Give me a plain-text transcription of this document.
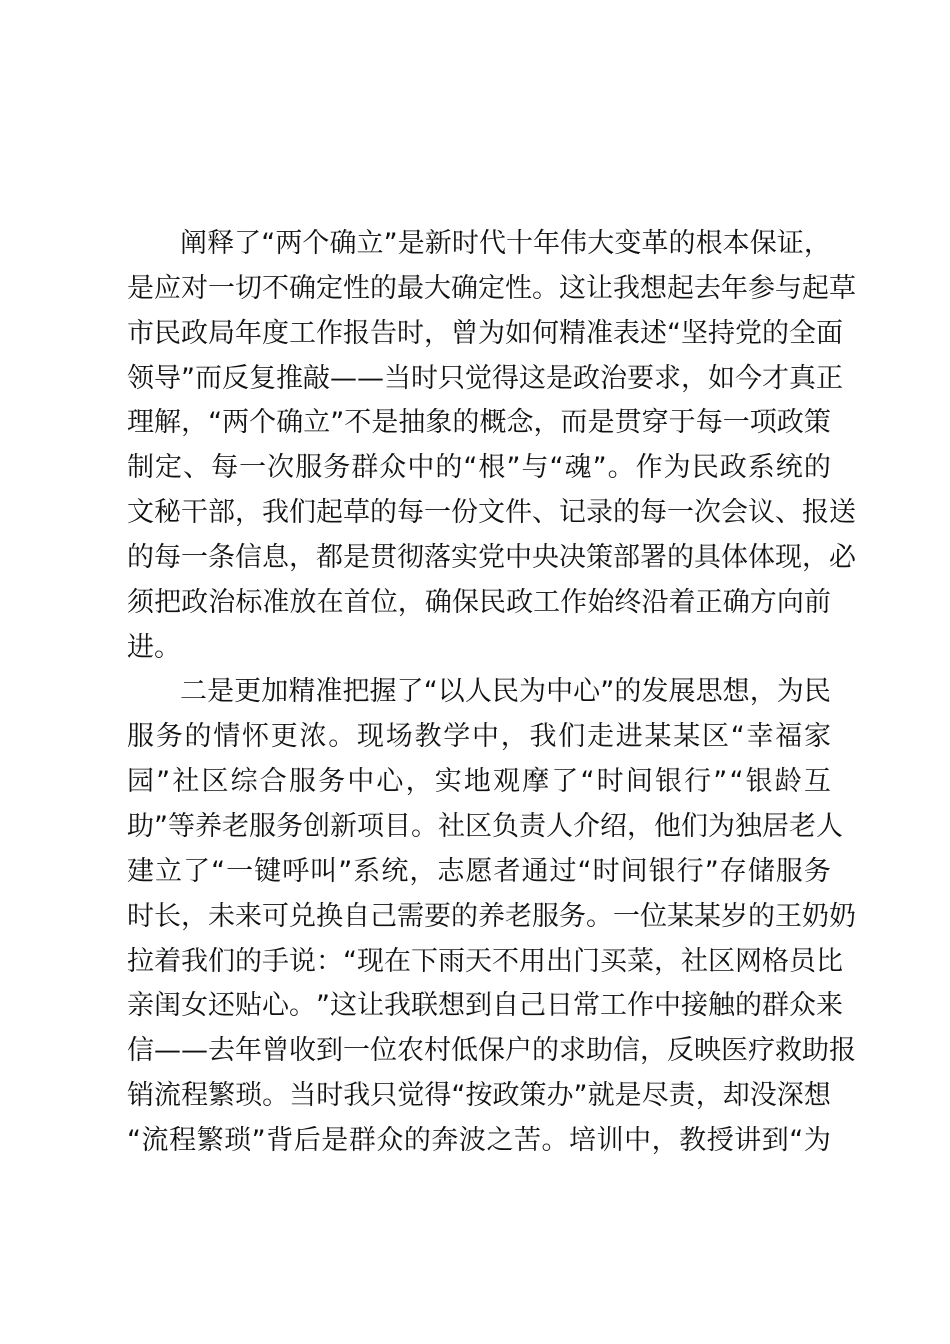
阐 释 了 “ 两 个 确 立 ” 是 新 时 代 十 年 伟 大 变 革 的 根 本 保 证 ，
是 应 对 一 切 不 确 定 性 的 最 大 确 定 性 。 这 让 我 想 起 去 年 参 与 起 草
市 民 政 局 年 度 工 作 报 告 时 ， 曾 为 如 何 精 准 表 述 “ 坚 持 党 的 全 面
领 导 ” 而 反 复 推 敲 — — 当 时 只 觉 得 这 是 政 治 要 求 ， 如 今 才 真 正
理 解 ， “ 两 个 确 立 ” 不 是 抽 象 的 概 念 ， 而 是 贯 穿 于 每 一 项 政 策
制 定 、 每 一 次 服 务 群 众 中 的 “ 根 ” 与 “ 魂 ” 。 作 为 民 政 系 统 的
文 秘 干 部 ， 我 们 起 草 的 每 一 份 文 件 、 记 录 的 每 一 次 会 议 、 报 送
的 每 一 条 信 息 ， 都 是 贯 彻 落 实 党 中 央 决 策 部 署 的 具 体 体 现 ， 必
须 把 政 治 标 准 放 在 首 位 ， 确 保 民 政 工 作 始 终 沿 着 正 确 方 向 前
进。
二 是 更 加 精 准 把 握 了 “ 以 人 民 为 中 心 ” 的 发 展 思 想 ， 为 民
服 务 的 情 怀 更 浓 。 现 场 教 学 中 ， 我 们 走 进 某 某 区 “ 幸 福 家
园 ” 社 区 综 合 服 务 中 心 ， 实 地 观 摩 了 “ 时 间 银 行 ” “ 银 龄 互
助 ” 等 养 老 服 务 创 新 项 目 。 社 区 负 责 人 介 绍 ， 他 们 为 独 居 老 人
建 立 了 “ 一 键 呼 叫 ” 系 统 ， 志 愿 者 通 过 “ 时 间 银 行 ” 存 储 服 务
时 长 ， 未 来 可 兑 换 自 己 需 要 的 养 老 服 务 。 一 位 某 某 岁 的 王 奶 奶
拉 着 我 们 的 手 说 ： “ 现 在 下 雨 天 不 用 出 门 买 菜 ， 社 区 网 格 员 比
亲 闺 女 还 贴 心 。 ” 这 让 我 联 想 到 自 己 日 常 工 作 中 接 触 的 群 众 来
信 — — 去 年 曾 收 到 一 位 农 村 低 保 户 的 求 助 信 ， 反 映 医 疗 救 助 报
销 流 程 繁 琐 。 当 时 我 只 觉 得 “ 按 政 策 办 ” 就 是 尽 责 ， 却 没 深 想
“ 流 程 繁 琐 ” 背 后 是 群 众 的 奔 波 之 苦 。 培 训 中 ， 教 授 讲 到 “ 为
